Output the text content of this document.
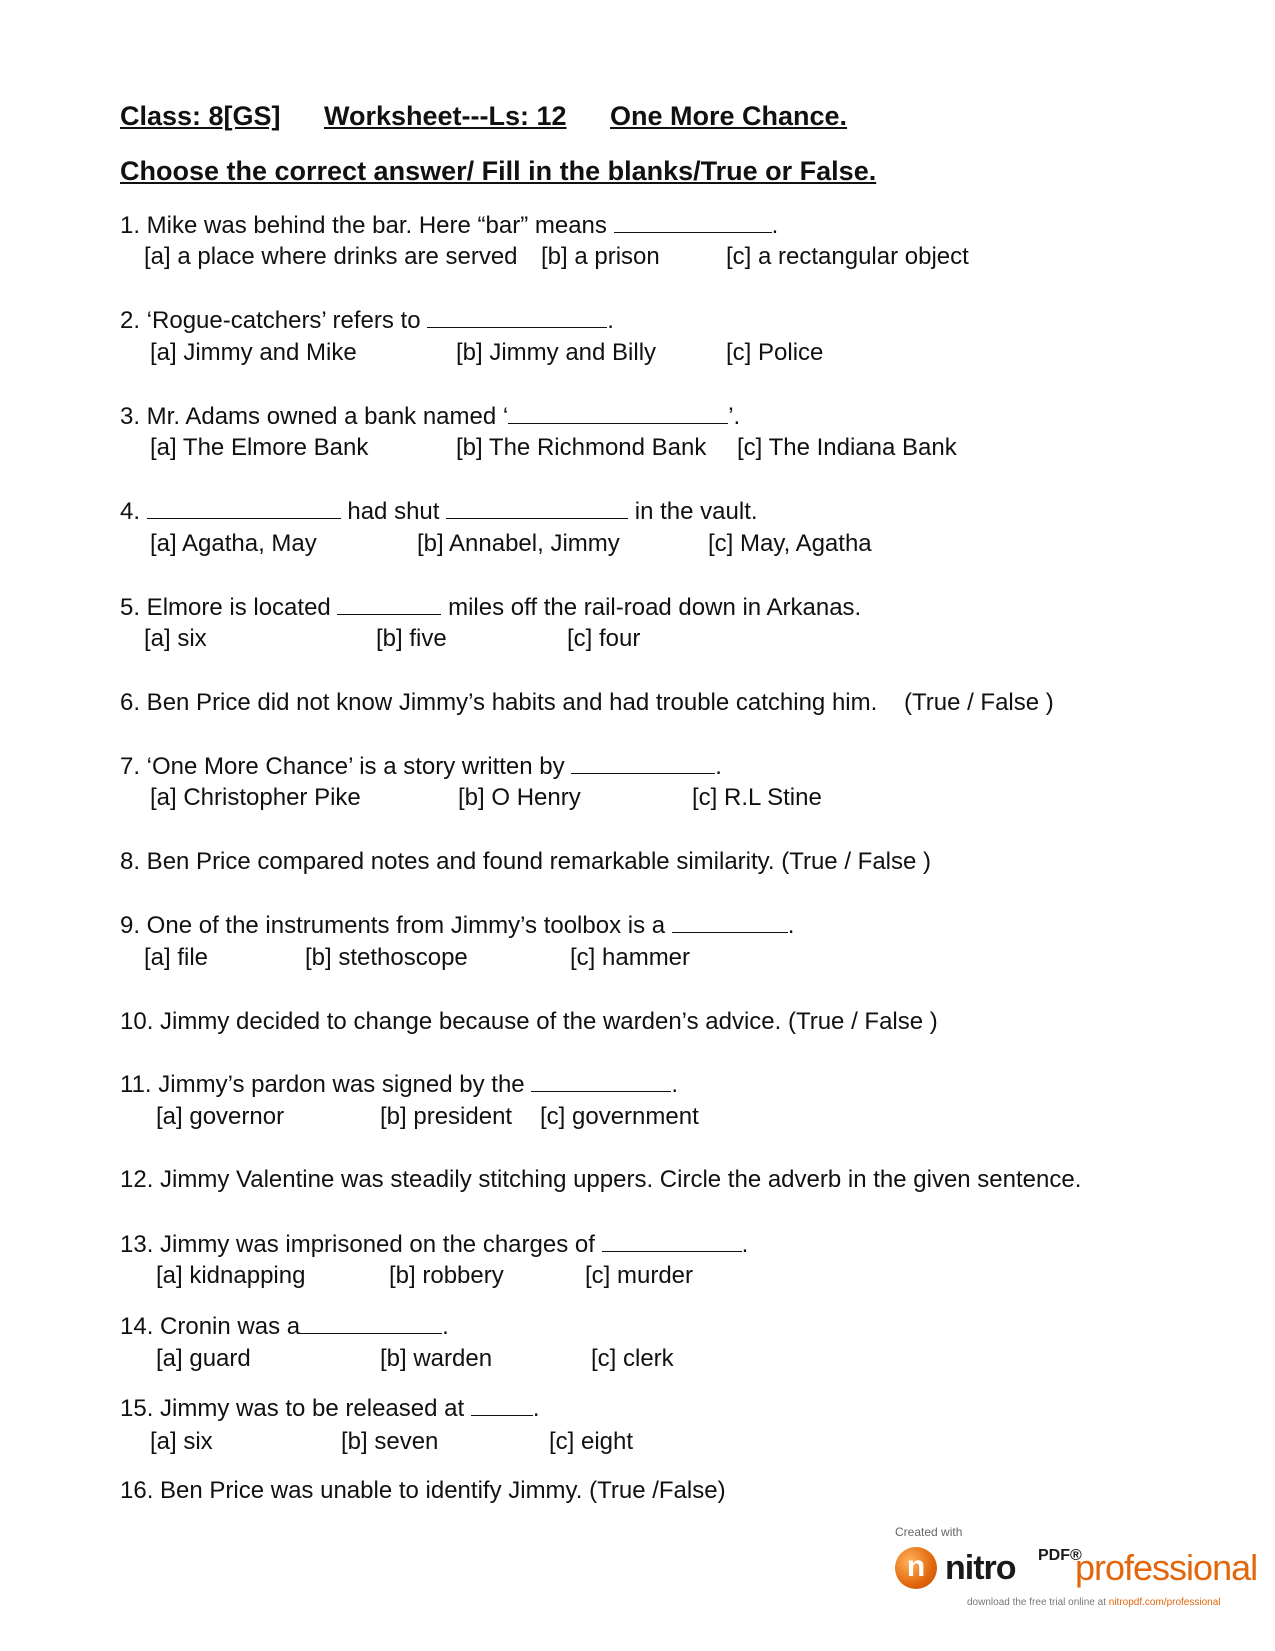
Class: 8[GS] Worksheet---Ls: 12 One More Chance.
Choose the correct answer/ Fill in the blanks/True or False.
1. Mike was behind the bar. Here “bar” means	.
[a] a place where drinks are served [b] a prison	[c] a rectangular object
2. ‘Rogue-catchers’ refers to	.
[a] Jimmy and Mike	[b] Jimmy and Billy	[c] Police
3. Mr. Adams owned a bank named ‘	’.
[a] The Elmore Bank	[b] The Richmond Bank [c] The Indiana Bank
4.	had shut	in the vault.
[a] Agatha, May	[b] Annabel, Jimmy	[c] May, Agatha
5. Elmore is located	miles off the rail-road down in Arkanas.
[a] six	[b] five	[c] four
6. Ben Price did not know Jimmy’s habits and had trouble catching him.    (True / False )
7. ‘One More Chance’ is a story written by	.
[a] Christopher Pike	[b] O Henry	[c] R.L Stine
8. Ben Price compared notes and found remarkable similarity. (True / False )
9. One of the instruments from Jimmy’s toolbox is a	.
[a] file	[b] stethoscope	[c] hammer
10. Jimmy decided to change because of the warden’s advice. (True / False )
11. Jimmy’s pardon was signed by the	.
[a] governor	[b] president [c] government
12. Jimmy Valentine was steadily stitching uppers. Circle the adverb in the given sentence.
13. Jimmy was imprisoned on the charges of	.
[a] kidnapping	[b] robbery	[c] murder
14. Cronin was a	.
[a] guard	[b] warden	[c] clerk
15. Jimmy was to be released at	.
[a] six	[b] seven	[c] eight
16. Ben Price was unable to identify Jimmy. (True /False)
Created with
n nitro PDF®
professional
download the free trial online at nitropdf.com/professional
